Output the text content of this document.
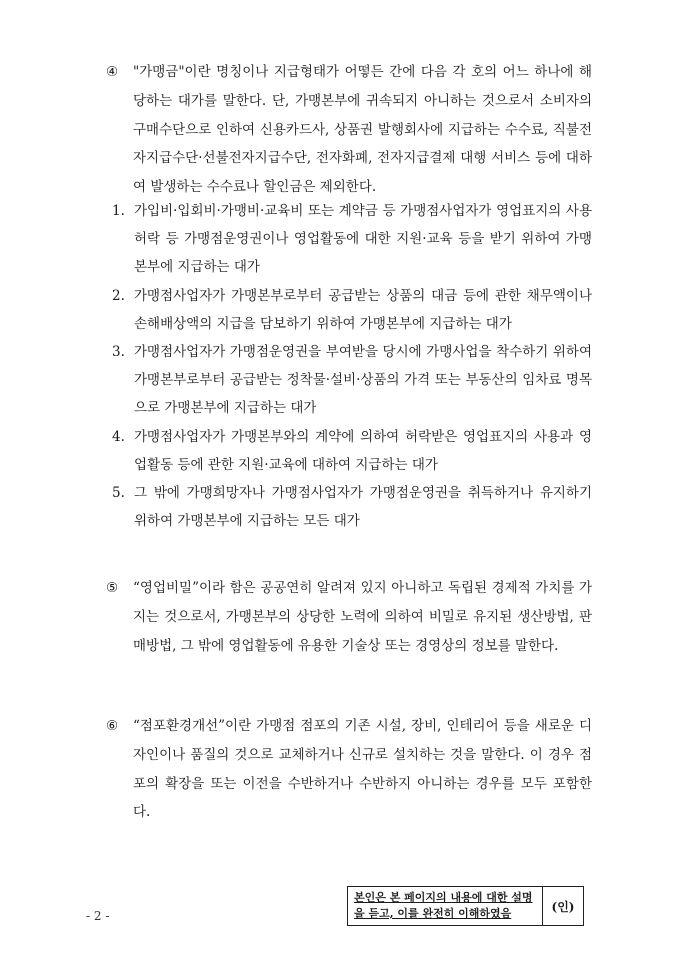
④ "가맹금"이란 명칭이나 지급형태가 어떻든 간에 다음 각 호의 어느 하나에 해당하는 대가를 말한다. 단, 가맹본부에 귀속되지 아니하는 것으로서 소비자의 구매수단으로 인하여 신용카드사, 상품권 발행회사에 지급하는 수수료, 직불전자지급수단·선불전자지급수단, 전자화폐, 전자지급결제 대행 서비스 등에 대하여 발생하는 수수료나 할인금은 제외한다.
1. 가입비·입회비·가맹비·교육비 또는 계약금 등 가맹점사업자가 영업표지의 사용허락 등 가맹점운영권이나 영업활동에 대한 지원·교육 등을 받기 위하여 가맹본부에 지급하는 대가
2. 가맹점사업자가 가맹본부로부터 공급받는 상품의 대금 등에 관한 채무액이나 손해배상액의 지급을 담보하기 위하여 가맹본부에 지급하는 대가
3. 가맹점사업자가 가맹점운영권을 부여받을 당시에 가맹사업을 착수하기 위하여 가맹본부로부터 공급받는 정착물·설비·상품의 가격 또는 부동산의 임차료 명목으로 가맹본부에 지급하는 대가
4. 가맹점사업자가 가맹본부와의 계약에 의하여 허락받은 영업표지의 사용과 영업활동 등에 관한 지원·교육에 대하여 지급하는 대가
5. 그 밖에 가맹희망자나 가맹점사업자가 가맹점운영권을 취득하거나 유지하기 위하여 가맹본부에 지급하는 모든 대가
⑤ “영업비밀”이라 함은 공공연히 알려져 있지 아니하고 독립된 경제적 가치를 가지는 것으로서, 가맹본부의 상당한 노력에 의하여 비밀로 유지된 생산방법, 판매방법, 그 밖에 영업활동에 유용한 기술상 또는 경영상의 정보를 말한다.
⑥ “점포환경개선”이란 가맹점 점포의 기존 시설, 장비, 인테리어 등을 새로운 디자인이나 품질의 것으로 교체하거나 신규로 설치하는 것을 말한다. 이 경우 점포의 확장을 또는 이전을 수반하거나 수반하지 아니하는 경우를 모두 포함한다.
- 2 -
본인은 본 페이지의 내용에 대한 설명을 듣고, 이를 완전히 이해하였음	(인)
